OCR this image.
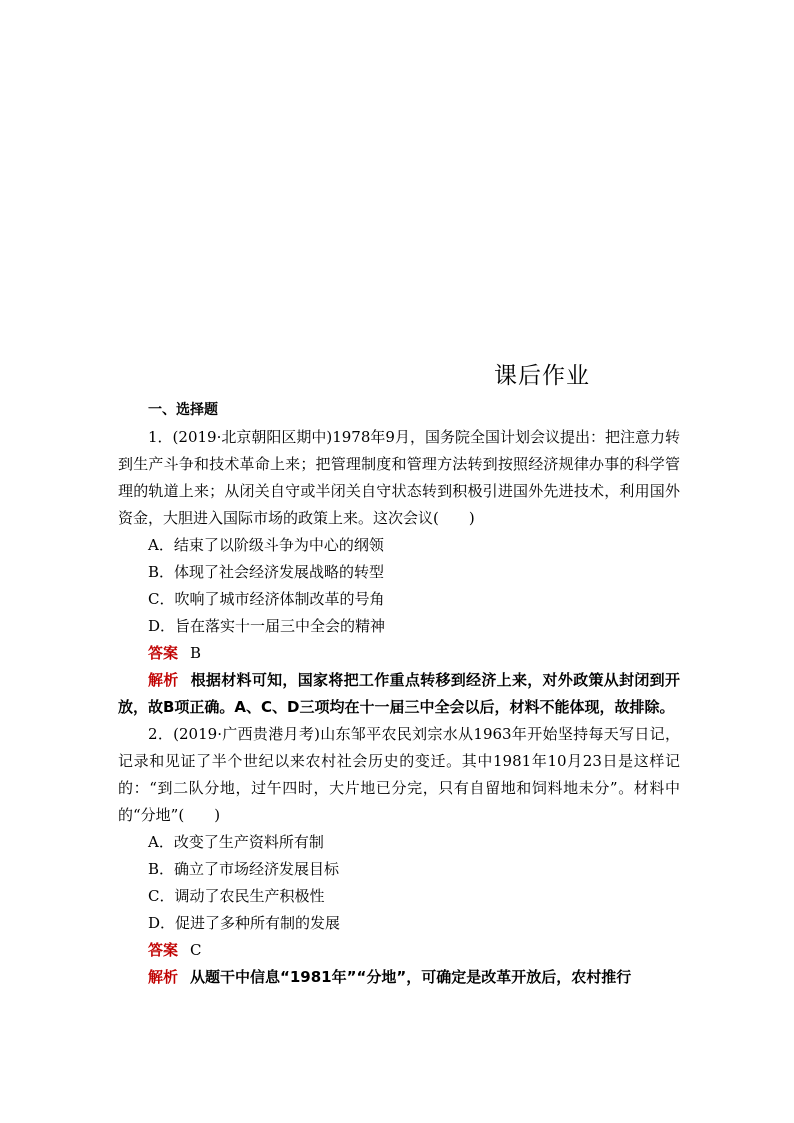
课后作业
一、选择题

1．(2019·北京朝阳区期中)1978年9月，国务院全国计划会议提出：把注意力转到生产斗争和技术革命上来；把管理制度和管理方法转到按照经济规律办事的科学管理的轨道上来；从闭关自守或半闭关自守状态转到积极引进国外先进技术，利用国外资金，大胆进入国际市场的政策上来。这次会议(　　)

A．结束了以阶级斗争为中心的纲领

B．体现了社会经济发展战略的转型

C．吹响了城市经济体制改革的号角

D．旨在落实十一届三中全会的精神

答案 B

解析 根据材料可知，国家将把工作重点转移到经济上来，对外政策从封闭到开放，故B项正确。A、C、D三项均在十一届三中全会以后，材料不能体现，故排除。

2．(2019·广西贵港月考)山东邹平农民刘宗水从1963年开始坚持每天写日记，记录和见证了半个世纪以来农村社会历史的变迁。其中1981年10月23日是这样记的：“到二队分地，过午四时，大片地已分完，只有自留地和饲料地未分”。材料中的“分地”(　　)

A．改变了生产资料所有制

B．确立了市场经济发展目标

C．调动了农民生产积极性

D．促进了多种所有制的发展

答案 C

解析 从题干中信息“1981年”“分地”，可确定是改革开放后，农村推行
